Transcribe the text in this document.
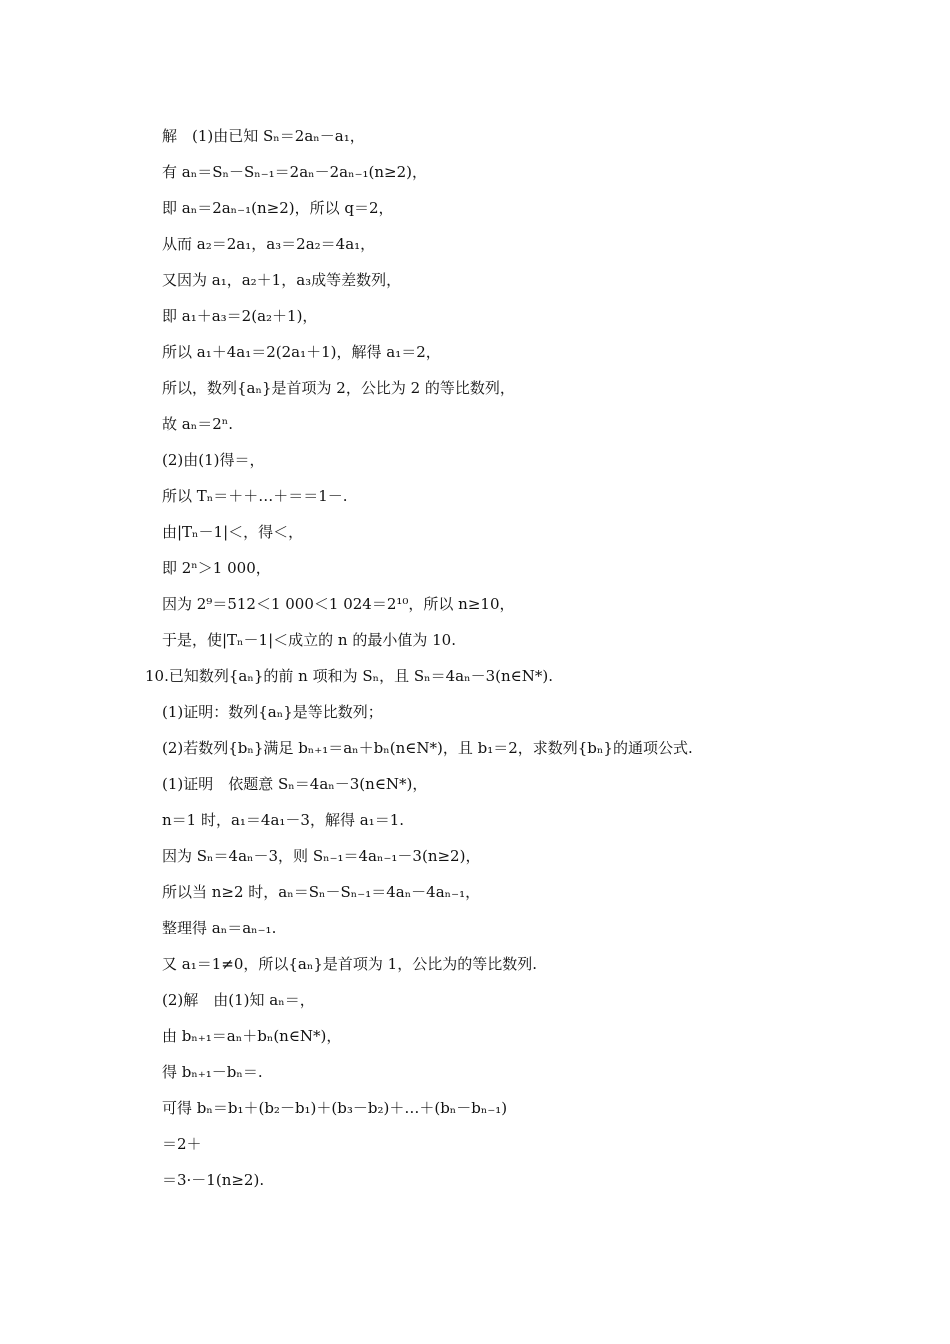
解　(1)由已知 Sₙ＝2aₙ－a₁，
有 aₙ＝Sₙ－Sₙ₋₁＝2aₙ－2aₙ₋₁(n≥2)，
即 aₙ＝2aₙ₋₁(n≥2)，所以 q＝2，
从而 a₂＝2a₁，a₃＝2a₂＝4a₁，
又因为 a₁，a₂＋1，a₃成等差数列，
即 a₁＋a₃＝2(a₂＋1)，
所以 a₁＋4a₁＝2(2a₁＋1)，解得 a₁＝2，
所以，数列{aₙ}是首项为 2，公比为 2 的等比数列，
故 aₙ＝2ⁿ.
(2)由(1)得＝，
所以 Tₙ＝＋＋…＋＝＝1－.
由|Tₙ－1|＜，得＜，
即 2ⁿ＞1 000，
因为 2⁹＝512＜1 000＜1 024＝2¹⁰，所以 n≥10，
于是，使|Tₙ－1|＜成立的 n 的最小值为 10.
10.已知数列{aₙ}的前 n 项和为 Sₙ，且 Sₙ＝4aₙ－3(n∈N*).
(1)证明：数列{aₙ}是等比数列；
(2)若数列{bₙ}满足 bₙ₊₁＝aₙ＋bₙ(n∈N*)，且 b₁＝2，求数列{bₙ}的通项公式.
(1)证明　依题意 Sₙ＝4aₙ－3(n∈N*)，
n＝1 时，a₁＝4a₁－3，解得 a₁＝1.
因为 Sₙ＝4aₙ－3，则 Sₙ₋₁＝4aₙ₋₁－3(n≥2)，
所以当 n≥2 时，aₙ＝Sₙ－Sₙ₋₁＝4aₙ－4aₙ₋₁，
整理得 aₙ＝aₙ₋₁.
又 a₁＝1≠0，所以{aₙ}是首项为 1，公比为的等比数列.
(2)解　由(1)知 aₙ＝，
由 bₙ₊₁＝aₙ＋bₙ(n∈N*)，
得 bₙ₊₁－bₙ＝.
可得 bₙ＝b₁＋(b₂－b₁)＋(b₃－b₂)＋…＋(bₙ－bₙ₋₁)
＝2＋
＝3·－1(n≥2).
